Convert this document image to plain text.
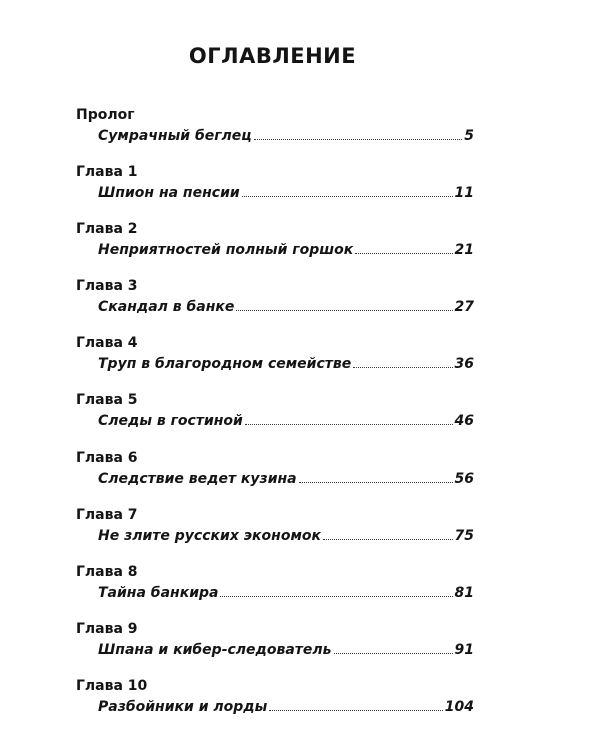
ОГЛАВЛЕНИЕ
Пролог
Сумрачный беглец	5
Глава 1
Шпион на пенсии	11
Глава 2
Неприятностей полный горшок	21
Глава 3
Скандал в банке	27
Глава 4
Труп в благородном семействе	36
Глава 5
Следы в гостиной	46
Глава 6
Следствие ведет кузина	56
Глава 7
Не злите русских экономок	75
Глава 8
Тайна банкира	81
Глава 9
Шпана и кибер-следователь	91
Глава 10
Разбойники и лорды	104
